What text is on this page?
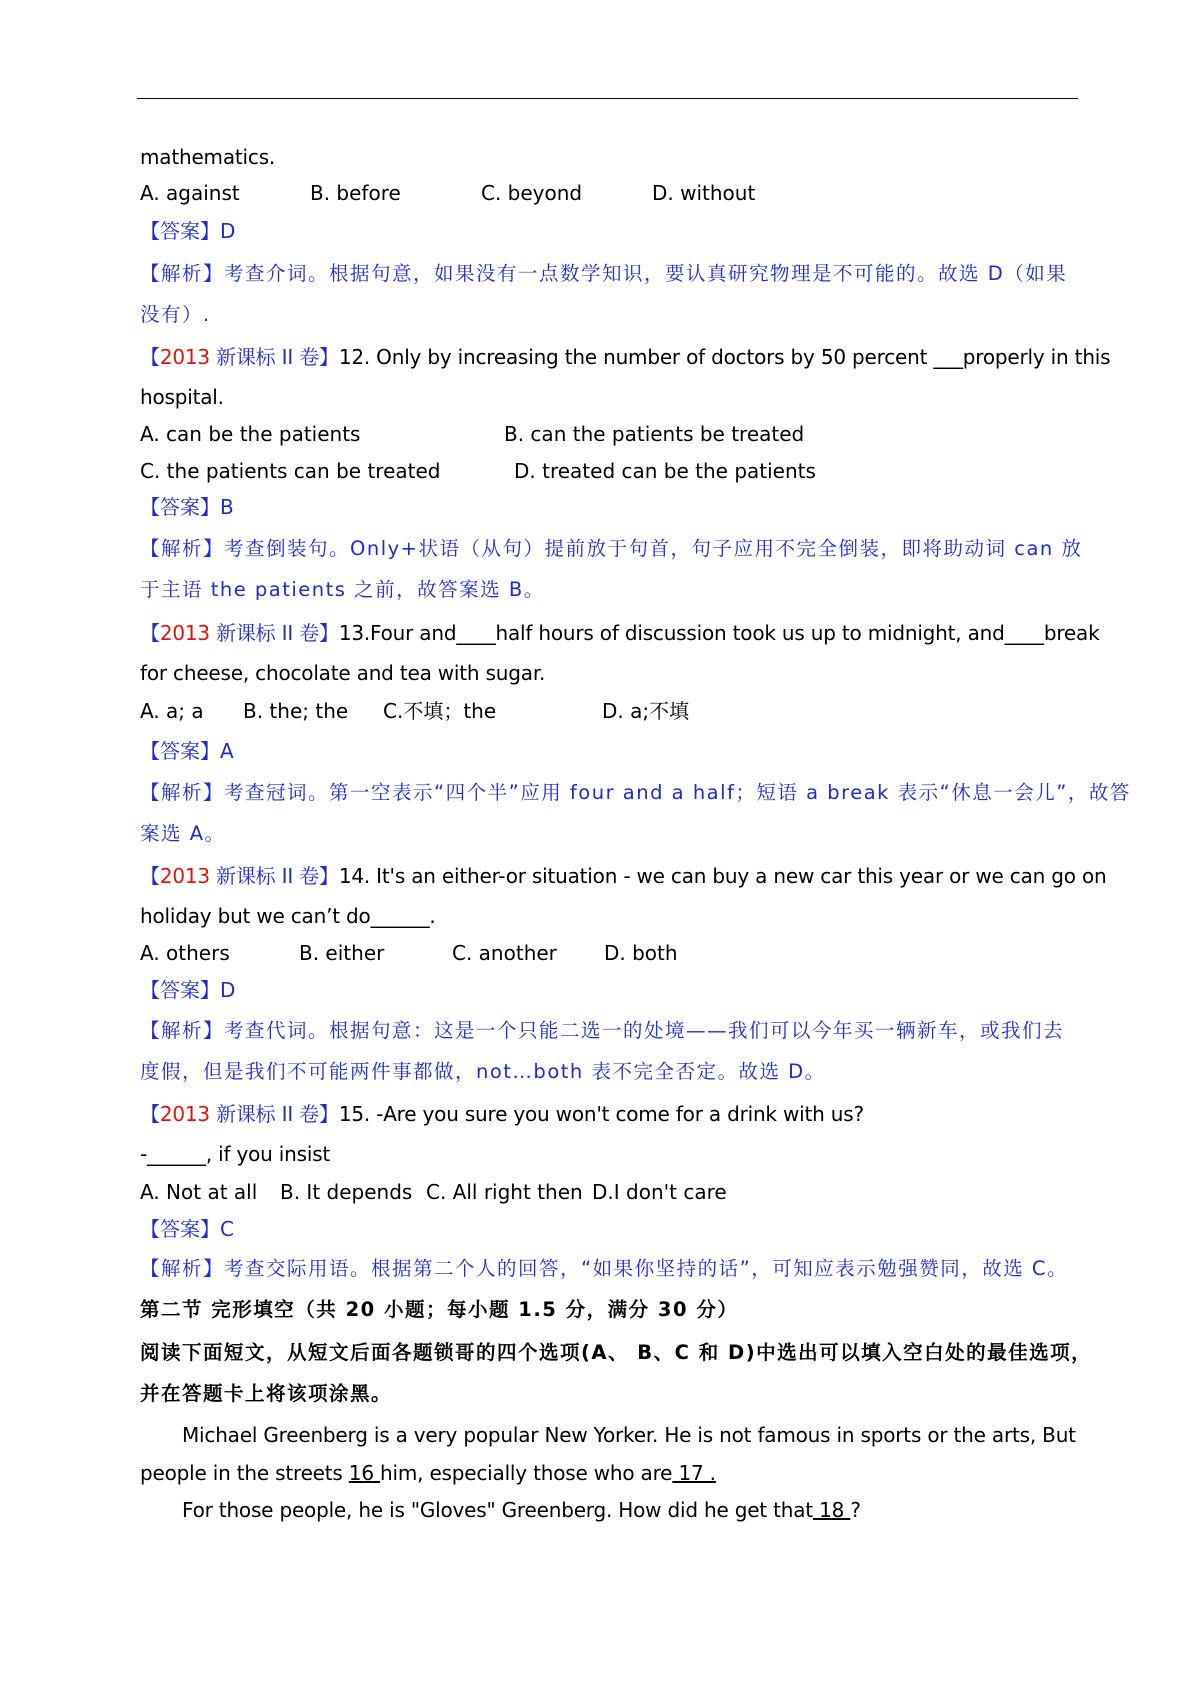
mathematics.
A. against	B. before	C. beyond	D. without
【答案】D
【解析】考查介词。根据句意，如果没有一点数学知识，要认真研究物理是不可能的。故选 D（如果
没有）.
【2013 新课标 II 卷】12. Only by increasing the number of doctors by 50 percent ___properly in this
hospital.
A. can be the patients	B. can the patients be treated
C. the patients can be treated	D. treated can be the patients
【答案】B
【解析】考查倒装句。Only+状语（从句）提前放于句首，句子应用不完全倒装，即将助动词 can 放
于主语 the patients 之前，故答案选 B。
【2013 新课标 II 卷】13.Four and____half hours of discussion took us up to midnight, and____break
for cheese, chocolate and tea with sugar.
A. a; a B. the; the C.不填；the	D. a;不填
【答案】A
【解析】考查冠词。第一空表示“四个半”应用 four and a half；短语 a break 表示“休息一会儿”，故答
案选 A。
【2013 新课标 II 卷】14. It's an either-or situation - we can buy a new car this year or we can go on
holiday but we can’t do______.
A. others	B. either	C. another D. both
【答案】D
【解析】考查代词。根据句意：这是一个只能二选一的处境——我们可以今年买一辆新车，或我们去
度假，但是我们不可能两件事都做，not…both 表不完全否定。故选 D。
【2013 新课标 II 卷】15. -Are you sure you won't come for a drink with us?
-______, if you insist
A. Not at all B. It depends C. All right then D.I don't care
【答案】C
【解析】考查交际用语。根据第二个人的回答，“如果你坚持的话”，可知应表示勉强赞同，故选 C。
第二节 完形填空（共 20 小题；每小题 1.5 分，满分 30 分）
阅读下面短文，从短文后面各题锁哥的四个选项(A、 B、C 和 D)中选出可以填入空白处的最佳选项，
并在答题卡上将该项涂黑。
Michael Greenberg is a very popular New Yorker. He is not famous in sports or the arts, But
people in the streets 16 him, especially those who are 17 .
For those people, he is "Gloves" Greenberg. How did he get that 18 ?
